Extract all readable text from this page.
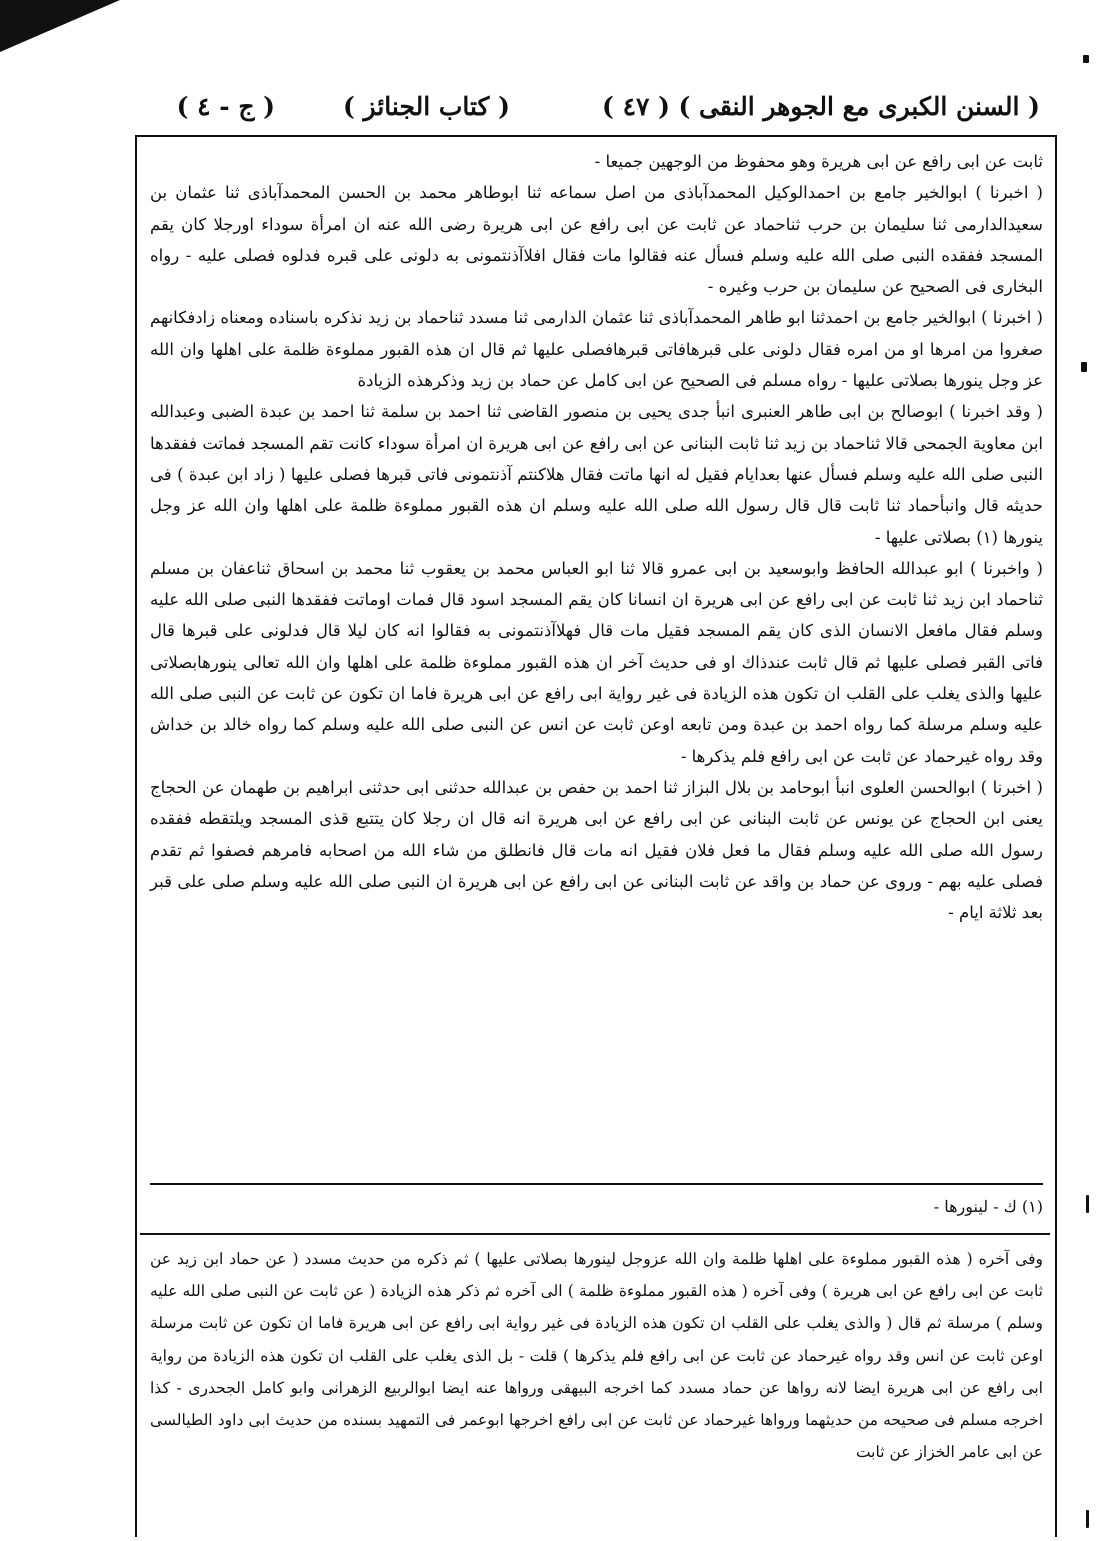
( السنن الكبرى مع الجوهر النقى )
( ٤٧ )
( كتاب الجنائز )
( ج - ٤ )

ثابت عن ابى رافع عن ابى هريرة وهو محفوظ من الوجهين جميعا -

( اخبرنا ) ابوالخير جامع بن احمدالوكيل المحمدآباذى من اصل سماعه ثنا ابوطاهر محمد بن الحسن المحمدآباذى ثنا عثمان بن سعيدالدارمى ثنا سليمان بن حرب ثناحماد عن ثابت عن ابى رافع عن ابى هريرة رضى الله عنه ان امرأة سوداء اورجلا كان يقم المسجد ففقده النبى صلى الله عليه وسلم فسأل عنه فقالوا مات فقال افلاآذنتمونى به دلونى على قبره فدلوه فصلى عليه - رواه البخارى فى الصحيح عن سليمان بن حرب وغيره -

( اخبرنا ) ابوالخير جامع بن احمدثنا ابو طاهر المحمدآباذى ثنا عثمان الدارمى ثنا مسدد ثناحماد بن زيد نذكره باسناده ومعناه زادفكانهم صغروا من امرها او من امره فقال دلونى على قبرهافاتى قبرهافصلى عليها ثم قال ان هذه القبور مملوءة ظلمة على اهلها وان الله عز وجل ينورها بصلاتى عليها - رواه مسلم فى الصحيح عن ابى كامل عن حماد بن زيد وذكرهذه الزيادة

( وقد اخبرنا ) ابوصالح بن ابى طاهر العنبرى انبأ جدى يحيى بن منصور القاضى ثنا احمد بن سلمة ثنا احمد بن عبدة الضبى وعبدالله ابن معاوية الجمحى قالا ثناحماد بن زيد ثنا ثابت البنانى عن ابى رافع عن ابى هريرة ان امرأة سوداء كانت تقم المسجد فماتت ففقدها النبى صلى الله عليه وسلم فسأل عنها بعدايام فقيل له انها ماتت فقال هلاكنتم آذنتمونى فاتى قبرها فصلى عليها ( زاد ابن عبدة ) فى حديثه قال وانبأحماد ثنا ثابت قال قال رسول الله صلى الله عليه وسلم ان هذه القبور مملوءة ظلمة على اهلها وان الله عز وجل ينورها (١) بصلاتى عليها -

( واخبرنا ) ابو عبدالله الحافظ وابوسعيد بن ابى عمرو قالا ثنا ابو العباس محمد بن يعقوب ثنا محمد بن اسحاق ثناعفان بن مسلم ثناحماد ابن زيد ثنا ثابت عن ابى رافع عن ابى هريرة ان انسانا كان يقم المسجد اسود قال فمات اوماتت ففقدها النبى صلى الله عليه وسلم فقال مافعل الانسان الذى كان يقم المسجد فقيل مات قال فهلاآذنتمونى به فقالوا انه كان ليلا قال فدلونى على قبرها قال فاتى القبر فصلى عليها ثم قال ثابت عندذاك او فى حديث آخر ان هذه القبور مملوءة ظلمة على اهلها وان الله تعالى ينورهابصلاتى عليها والذى يغلب على القلب ان تكون هذه الزيادة فى غير رواية ابى رافع عن ابى هريرة فاما ان تكون عن ثابت عن النبى صلى الله عليه وسلم مرسلة كما رواه احمد بن عبدة ومن تابعه اوعن ثابت عن انس عن النبى صلى الله عليه وسلم كما رواه خالد بن خداش وقد رواه غيرحماد عن ثابت عن ابى رافع فلم يذكرها -

( اخبرنا ) ابوالحسن العلوى انبأ ابوحامد بن بلال البزاز ثنا احمد بن حفص بن عبدالله حدثنى ابى حدثنى ابراهيم بن طهمان عن الحجاج يعنى ابن الحجاج عن يونس عن ثابت البنانى عن ابى رافع عن ابى هريرة انه قال ان رجلا كان يتتبع قذى المسجد ويلتقطه ففقده رسول الله صلى الله عليه وسلم فقال ما فعل فلان فقيل انه مات قال فانطلق من شاء الله من اصحابه فامرهم فصفوا ثم تقدم فصلى عليه بهم - وروى عن حماد بن واقد عن ثابت البنانى عن ابى رافع عن ابى هريرة ان النبى صلى الله عليه وسلم صلى على قبر بعد ثلاثة ايام -

(١) ك - لينورها -

وفى آخره ( هذه القبور مملوءة على اهلها ظلمة وان الله عزوجل لينورها بصلاتى عليها ) ثم ذكره من حديث مسدد ( عن حماد ابن زيد عن ثابت عن ابى رافع عن ابى هريرة ) وفى آخره ( هذه القبور مملوءة ظلمة ) الى آخره ثم ذكر هذه الزيادة ( عن ثابت عن النبى صلى الله عليه وسلم ) مرسلة ثم قال ( والذى يغلب على القلب ان تكون هذه الزيادة فى غير رواية ابى رافع عن ابى هريرة فاما ان تكون عن ثابت مرسلة اوعن ثابت عن انس وقد رواه غيرحماد عن ثابت عن ابى رافع فلم يذكرها ) قلت - بل الذى يغلب على القلب ان تكون هذه الزيادة من رواية ابى رافع عن ابى هريرة ايضا لانه رواها عن حماد مسدد كما اخرجه البيهقى ورواها عنه ايضا ابوالربيع الزهرانى وابو كامل الجحدرى - كذا اخرجه مسلم فى صحيحه من حديثهما ورواها غيرحماد عن ثابت عن ابى رافع اخرجها ابوعمر فى التمهيد بسنده من حديث ابى داود الطيالسى عن ابى عامر الخزاز عن ثابت
